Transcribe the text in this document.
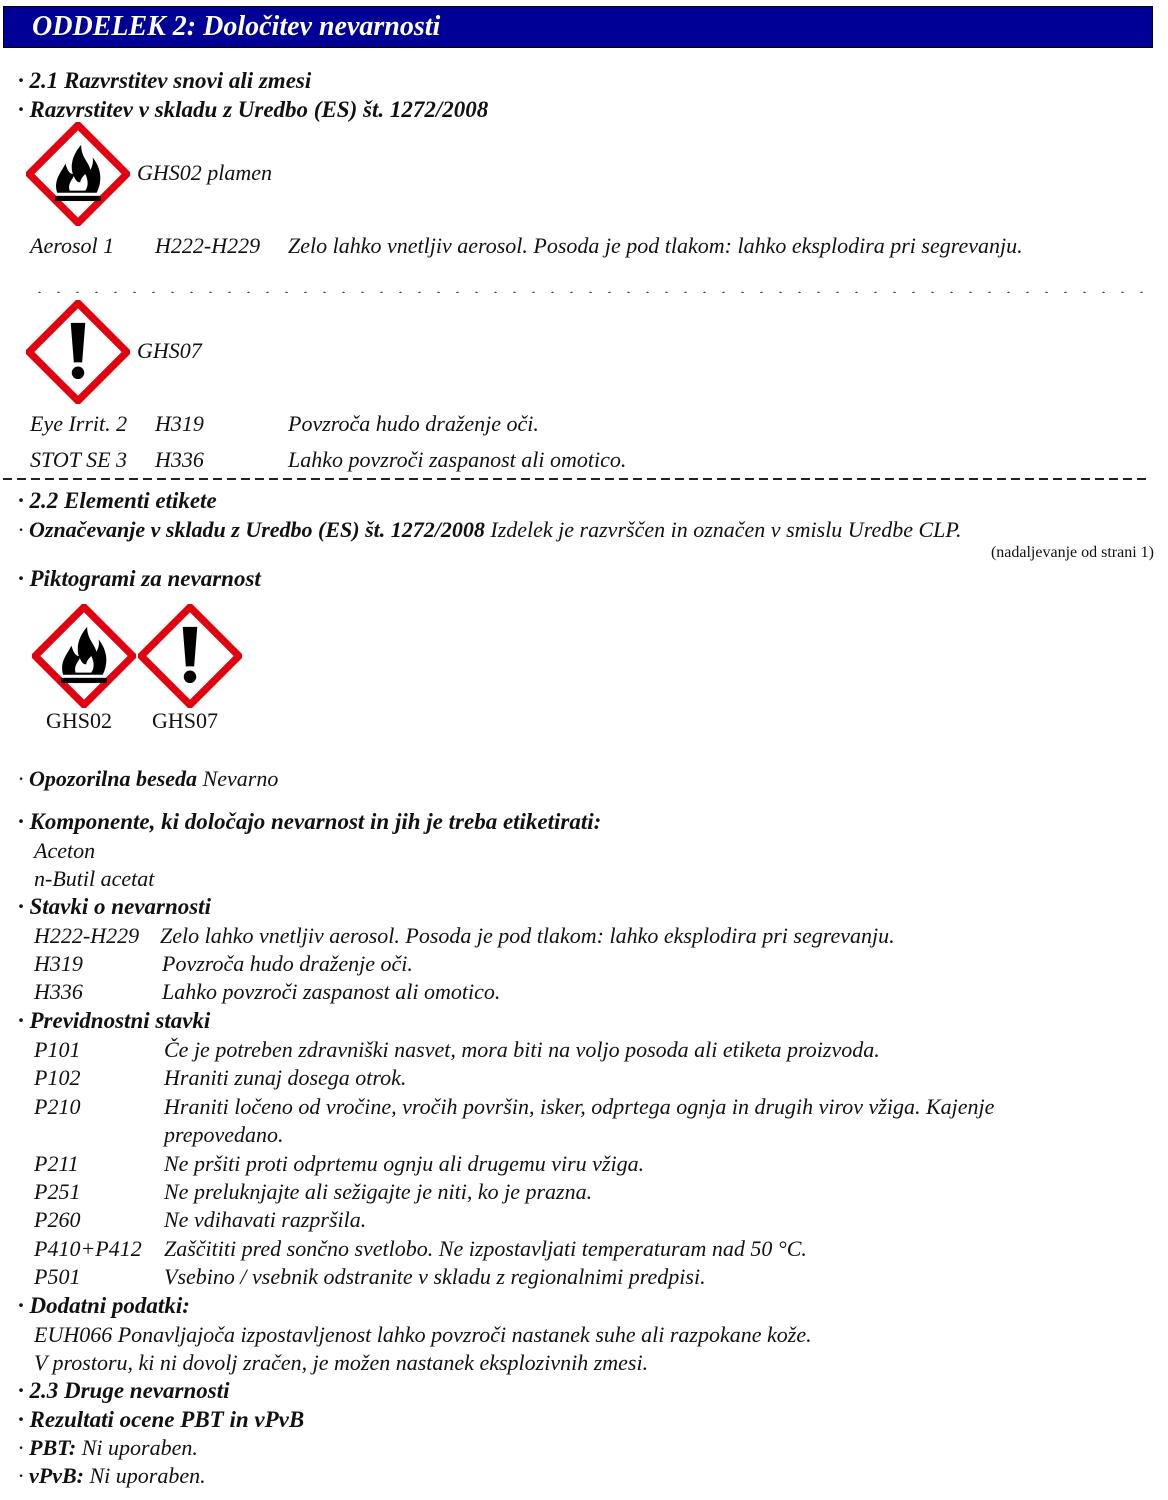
ODDELEK 2: Določitev nevarnosti
· 2.1 Razvrstitev snovi ali zmesi
· Razvrstitev v skladu z Uredbo (ES) št. 1272/2008
GHS02 plamen
Aerosol 1 H222-H229 Zelo lahko vnetljiv aerosol. Posoda je pod tlakom: lahko eksplodira pri segrevanju.
GHS07
Eye Irrit. 2 H319	Povzroča hudo draženje oči.
STOT SE 3 H336	Lahko povzroči zaspanost ali omotico.
· 2.2 Elementi etikete
· Označevanje v skladu z Uredbo (ES) št. 1272/2008 Izdelek je razvrščen in označen v smislu Uredbe CLP.
(nadaljevanje od strani 1)
· Piktogrami za nevarnost
GHS02 GHS07
· Opozorilna beseda Nevarno
· Komponente, ki določajo nevarnost in jih je treba etiketirati:
Aceton
n-Butil acetat
· Stavki o nevarnosti
H222-H229 Zelo lahko vnetljiv aerosol. Posoda je pod tlakom: lahko eksplodira pri segrevanju.
H319	Povzroča hudo draženje oči.
H336	Lahko povzroči zaspanost ali omotico.
· Previdnostni stavki
P101	Če je potreben zdravniški nasvet, mora biti na voljo posoda ali etiketa proizvoda.
P102	Hraniti zunaj dosega otrok.
P210	Hraniti ločeno od vročine, vročih površin, isker, odprtega ognja in drugih virov vžiga. Kajenje
prepovedano.
P211	Ne pršiti proti odprtemu ognju ali drugemu viru vžiga.
P251	Ne preluknjajte ali sežigajte je niti, ko je prazna.
P260	Ne vdihavati razpršila.
P410+P412 Zaščititi pred sončno svetlobo. Ne izpostavljati temperaturam nad 50 °C.
P501	Vsebino / vsebnik odstranite v skladu z regionalnimi predpisi.
· Dodatni podatki:
EUH066 Ponavljajoča izpostavljenost lahko povzroči nastanek suhe ali razpokane kože.
V prostoru, ki ni dovolj zračen, je možen nastanek eksplozivnih zmesi.
· 2.3 Druge nevarnosti
· Rezultati ocene PBT in vPvB
· PBT: Ni uporaben.
· vPvB: Ni uporaben.
